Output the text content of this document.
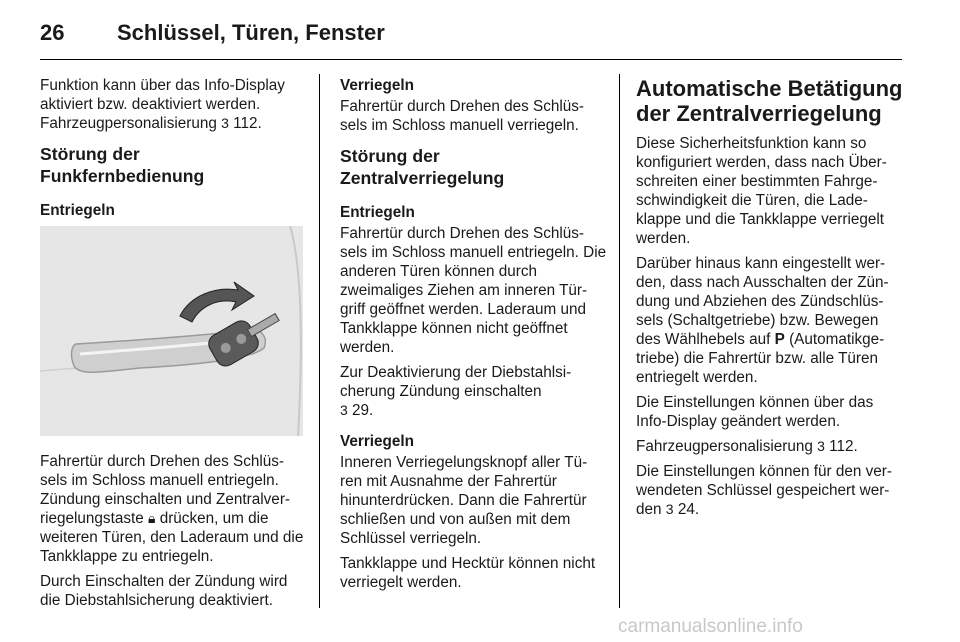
26 Schlüssel, Türen, Fenster

Funktion kann über das Info-Display aktiviert bzw. deaktiviert werden. Fahrzeugpersonalisierung 3 112.

Störung der Funkfernbedienung
Entriegeln

Fahrertür durch Drehen des Schlüs-sels im Schloss manuell entriegeln. Zündung einschalten und Zentralver-riegelungstaste 🔒︎ drücken, um die weiteren Türen, den Laderaum und die Tankklappe zu entriegeln.

Durch Einschalten der Zündung wird die Diebstahlsicherung deaktiviert.

Verriegeln

Fahrertür durch Drehen des Schlüs-sels im Schloss manuell verriegeln.

Störung der Zentralverriegelung
Entriegeln

Fahrertür durch Drehen des Schlüs-sels im Schloss manuell entriegeln. Die anderen Türen können durch zweimaliges Ziehen am inneren Tür-griff geöffnet werden. Laderaum und Tankklappe können nicht geöffnet werden.

Zur Deaktivierung der Diebstahlsi-cherung Zündung einschalten
3 29.

Verriegeln

Inneren Verriegelungsknopf aller Tü-ren mit Ausnahme der Fahrertür hinunterdrücken. Dann die Fahrertür schließen und von außen mit dem Schlüssel verriegeln.

Tankklappe und Hecktür können nicht verriegelt werden.

Automatische Betätigung der Zentralverriegelung

Diese Sicherheitsfunktion kann so konfiguriert werden, dass nach Über-schreiten einer bestimmten Fahrge-schwindigkeit die Türen, die Lade-klappe und die Tankklappe verriegelt werden.

Darüber hinaus kann eingestellt wer-den, dass nach Ausschalten der Zün-dung und Abziehen des Zündschlüs-sels (Schaltgetriebe) bzw. Bewegen des Wählhebels auf P (Automatikge-triebe) die Fahrertür bzw. alle Türen entriegelt werden.

Die Einstellungen können über das Info-Display geändert werden.

Fahrzeugpersonalisierung 3 112.

Die Einstellungen können für den ver-wendeten Schlüssel gespeichert wer-den 3 24.

carmanualsonline.info
